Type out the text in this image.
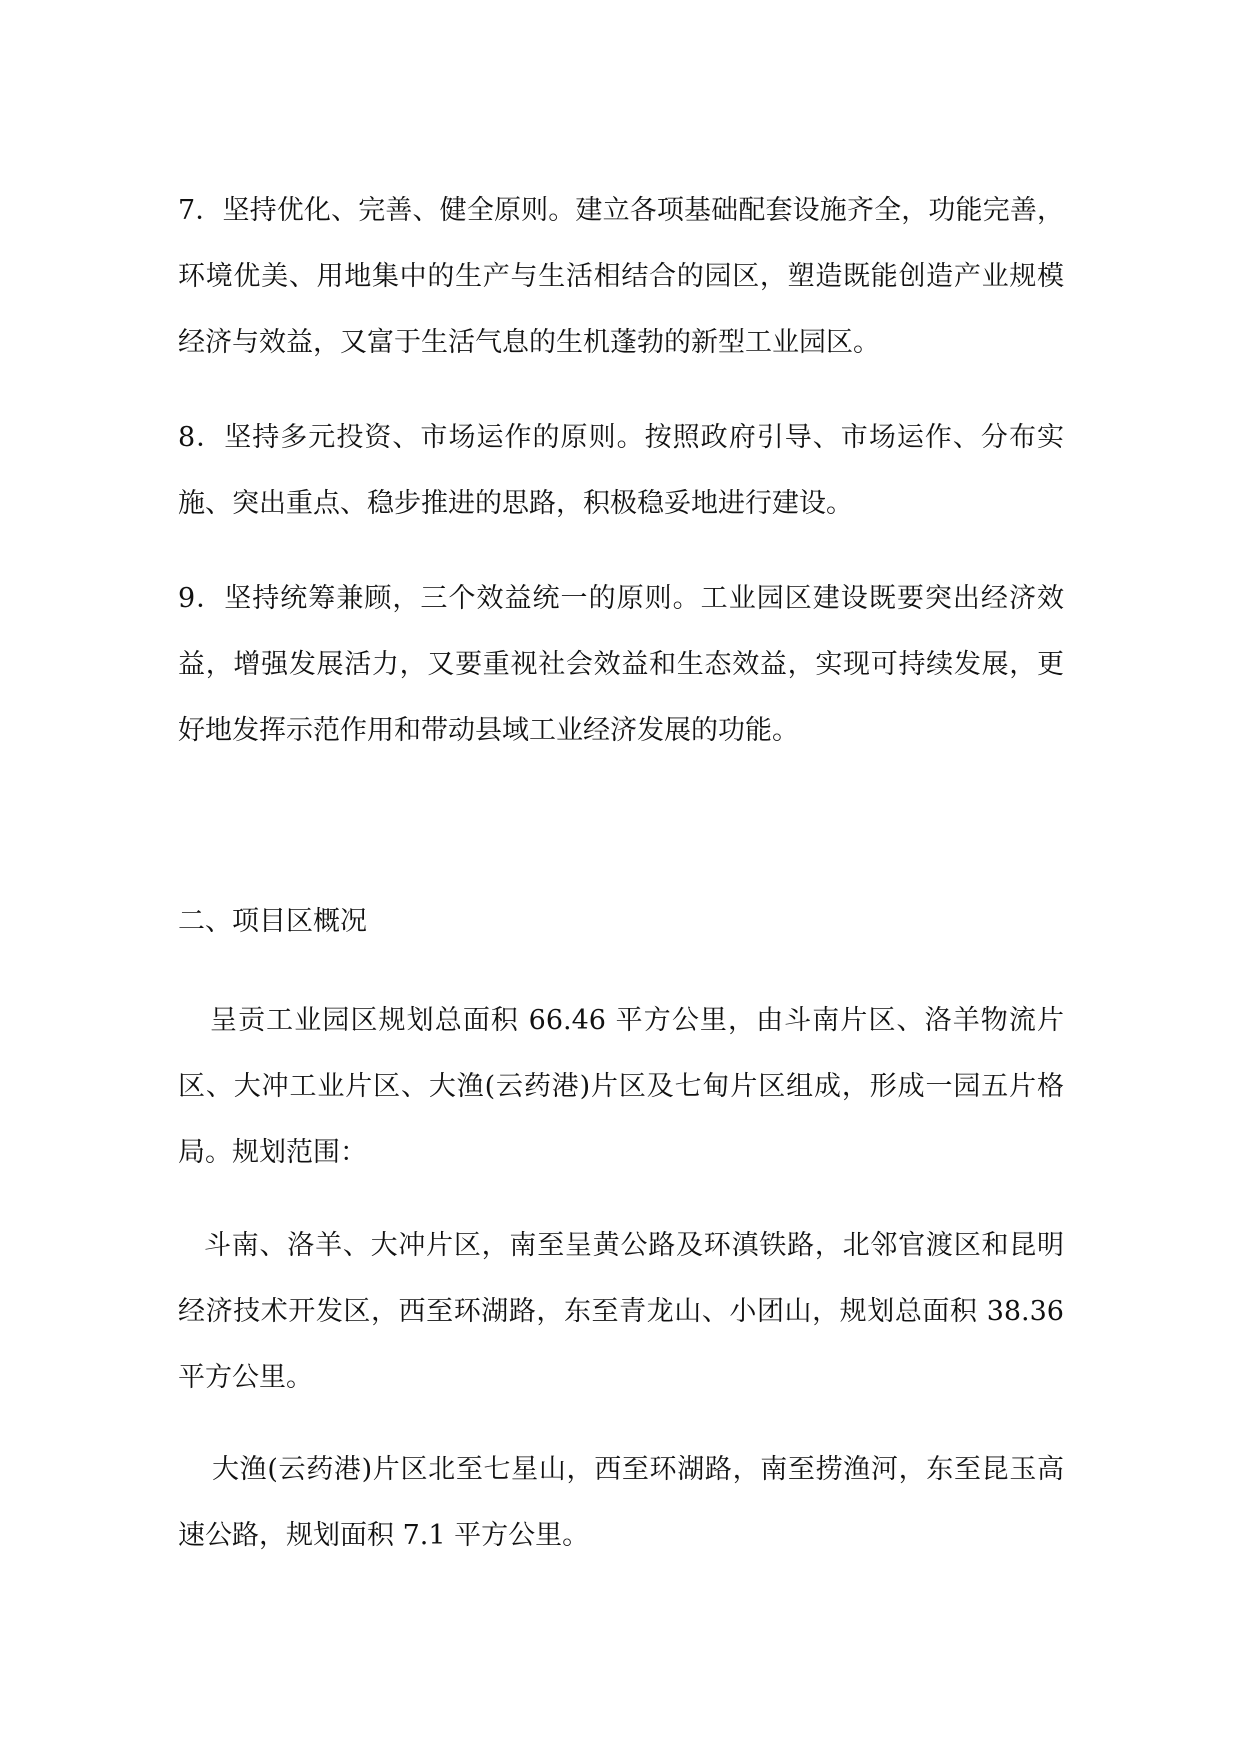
7．坚持优化、完善、健全原则。建立各项基础配套设施齐全，功能完善，环境优美、用地集中的生产与生活相结合的园区，塑造既能创造产业规模经济与效益，又富于生活气息的生机蓬勃的新型工业园区。

8．坚持多元投资、市场运作的原则。按照政府引导、市场运作、分布实施、突出重点、稳步推进的思路，积极稳妥地进行建设。

9．坚持统筹兼顾，三个效益统一的原则。工业园区建设既要突出经济效益，增强发展活力，又要重视社会效益和生态效益，实现可持续发展，更好地发挥示范作用和带动县域工业经济发展的功能。

二、项目区概况

呈贡工业园区规划总面积 66.46 平方公里，由斗南片区、洛羊物流片区、大冲工业片区、大渔(云药港)片区及七甸片区组成，形成一园五片格局。规划范围：

斗南、洛羊、大冲片区，南至呈黄公路及环滇铁路，北邻官渡区和昆明经济技术开发区，西至环湖路，东至青龙山、小团山，规划总面积 38.36 平方公里。

大渔(云药港)片区北至七星山，西至环湖路，南至捞渔河，东至昆玉高速公路，规划面积 7.1 平方公里。
